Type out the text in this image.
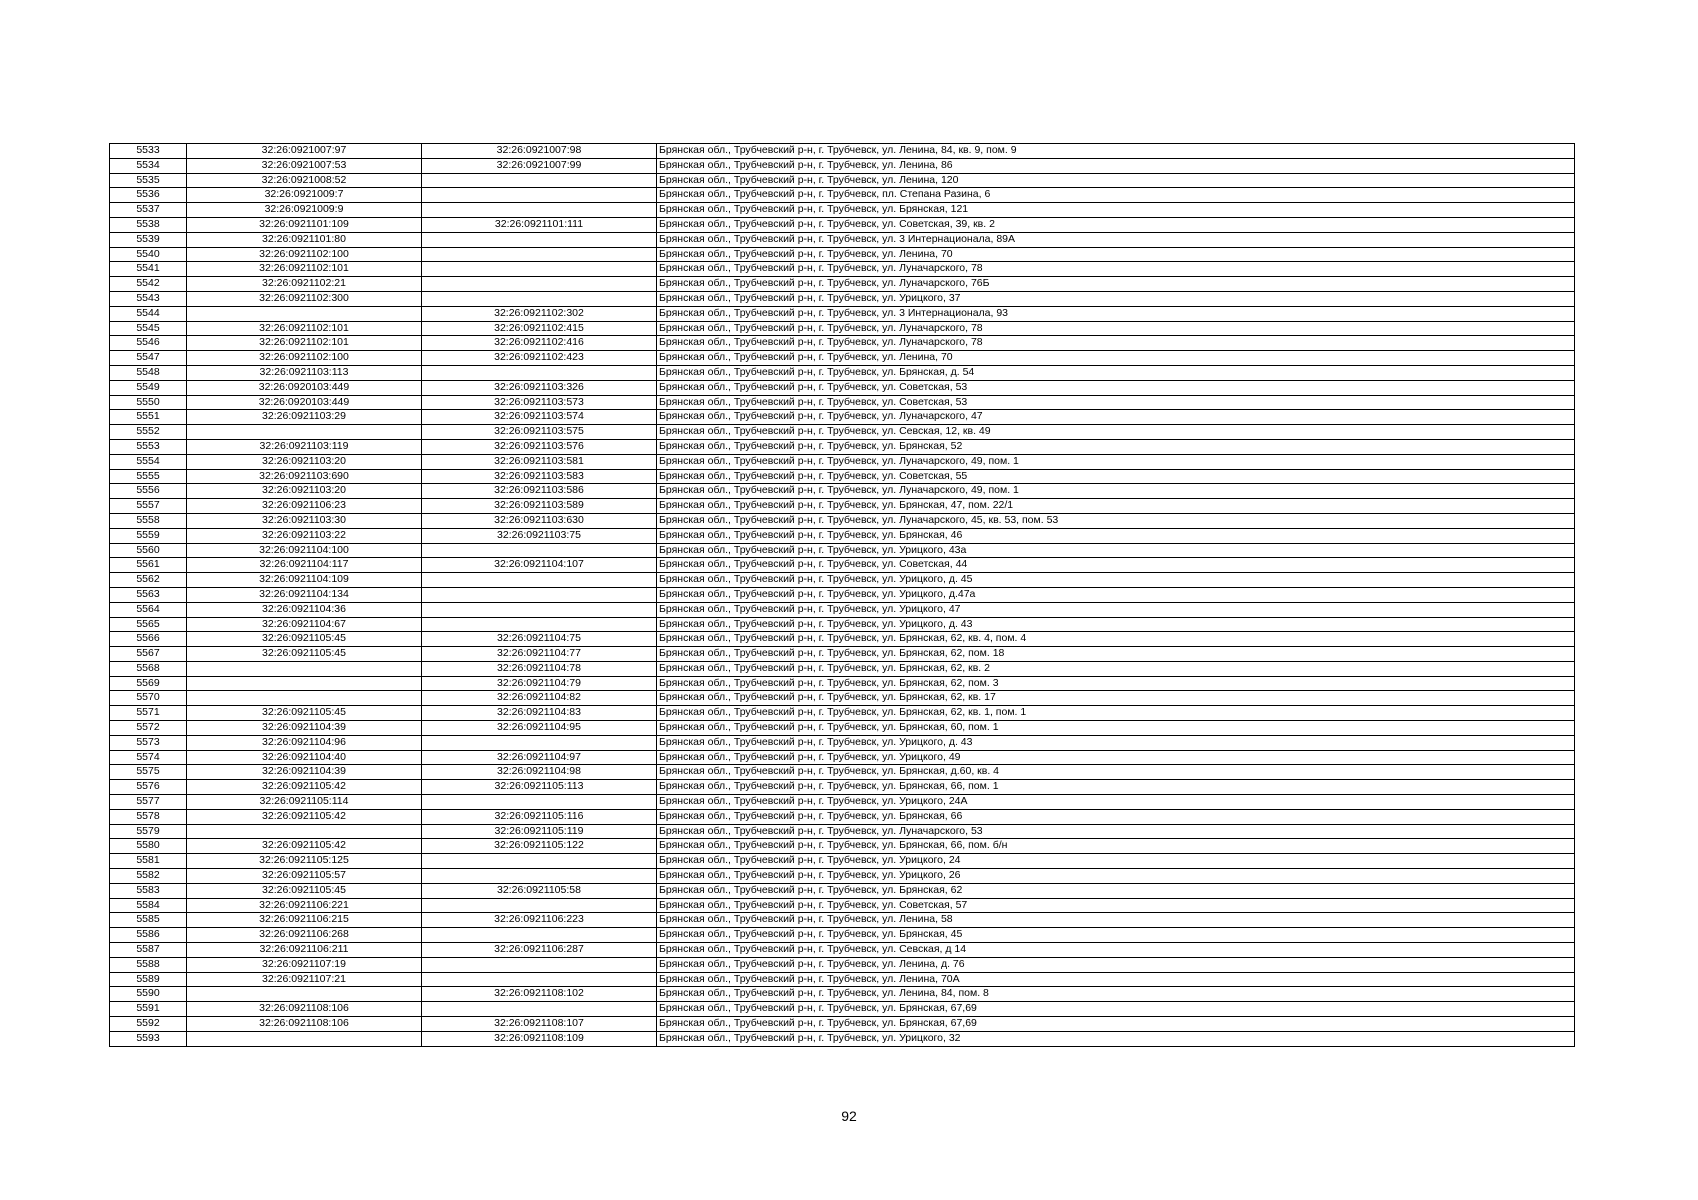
5533	32:26:0921007:97	32:26:0921007:98	Брянская обл., Трубчевский р-н, г. Трубчевск, ул. Ленина, 84, кв. 9, пом. 9
5534	32:26:0921007:53	32:26:0921007:99	Брянская обл., Трубчевский р-н, г. Трубчевск, ул. Ленина, 86
5535	32:26:0921008:52		Брянская обл., Трубчевский р-н, г. Трубчевск, ул. Ленина, 120
5536	32:26:0921009:7		Брянская обл., Трубчевский р-н, г. Трубчевск, пл. Степана Разина, 6
5537	32:26:0921009:9		Брянская обл., Трубчевский р-н, г. Трубчевск, ул. Брянская, 121
5538	32:26:0921101:109	32:26:0921101:111	Брянская обл., Трубчевский р-н, г. Трубчевск, ул. Советская, 39, кв. 2
5539	32:26:0921101:80		Брянская обл., Трубчевский р-н, г. Трубчевск, ул. 3 Интернационала, 89А
5540	32:26:0921102:100		Брянская обл., Трубчевский р-н, г. Трубчевск, ул. Ленина, 70
5541	32:26:0921102:101		Брянская обл., Трубчевский р-н, г. Трубчевск, ул. Луначарского, 78
5542	32:26:0921102:21		Брянская обл., Трубчевский р-н, г. Трубчевск, ул. Луначарского, 76Б
5543	32:26:0921102:300		Брянская обл., Трубчевский р-н, г. Трубчевск, ул. Урицкого, 37
5544		32:26:0921102:302	Брянская обл., Трубчевский р-н, г. Трубчевск, ул. 3 Интернационала, 93
5545	32:26:0921102:101	32:26:0921102:415	Брянская обл., Трубчевский р-н, г. Трубчевск, ул. Луначарского, 78
5546	32:26:0921102:101	32:26:0921102:416	Брянская обл., Трубчевский р-н, г. Трубчевск, ул. Луначарского, 78
5547	32:26:0921102:100	32:26:0921102:423	Брянская обл., Трубчевский р-н, г. Трубчевск, ул. Ленина, 70
5548	32:26:0921103:113		Брянская обл., Трубчевский р-н, г. Трубчевск, ул. Брянская, д. 54
5549	32:26:0920103:449	32:26:0921103:326	Брянская обл., Трубчевский р-н, г. Трубчевск, ул. Советская, 53
5550	32:26:0920103:449	32:26:0921103:573	Брянская обл., Трубчевский р-н, г. Трубчевск, ул. Советская, 53
5551	32:26:0921103:29	32:26:0921103:574	Брянская обл., Трубчевский р-н, г. Трубчевск, ул. Луначарского, 47
5552		32:26:0921103:575	Брянская обл., Трубчевский р-н, г. Трубчевск, ул. Севская, 12, кв. 49
5553	32:26:0921103:119	32:26:0921103:576	Брянская обл., Трубчевский р-н, г. Трубчевск, ул. Брянская, 52
5554	32:26:0921103:20	32:26:0921103:581	Брянская обл., Трубчевский р-н, г. Трубчевск, ул. Луначарского, 49, пом. 1
5555	32:26:0921103:690	32:26:0921103:583	Брянская обл., Трубчевский р-н, г. Трубчевск, ул. Советская, 55
5556	32:26:0921103:20	32:26:0921103:586	Брянская обл., Трубчевский р-н, г. Трубчевск, ул. Луначарского, 49, пом. 1
5557	32:26:0921106:23	32:26:0921103:589	Брянская обл., Трубчевский р-н, г. Трубчевск, ул. Брянская, 47, пом. 22/1
5558	32:26:0921103:30	32:26:0921103:630	Брянская обл., Трубчевский р-н, г. Трубчевск, ул. Луначарского, 45, кв. 53, пом. 53
5559	32:26:0921103:22	32:26:0921103:75	Брянская обл., Трубчевский р-н, г. Трубчевск, ул. Брянская, 46
5560	32:26:0921104:100		Брянская обл., Трубчевский р-н, г. Трубчевск, ул. Урицкого, 43а
5561	32:26:0921104:117	32:26:0921104:107	Брянская обл., Трубчевский р-н, г. Трубчевск, ул. Советская, 44
5562	32:26:0921104:109		Брянская обл., Трубчевский р-н, г. Трубчевск, ул. Урицкого, д. 45
5563	32:26:0921104:134		Брянская обл., Трубчевский р-н, г. Трубчевск, ул. Урицкого, д.47а
5564	32:26:0921104:36		Брянская обл., Трубчевский р-н, г. Трубчевск, ул. Урицкого, 47
5565	32:26:0921104:67		Брянская обл., Трубчевский р-н, г. Трубчевск, ул. Урицкого, д. 43
5566	32:26:0921105:45	32:26:0921104:75	Брянская обл., Трубчевский р-н, г. Трубчевск, ул. Брянская, 62, кв. 4, пом. 4
5567	32:26:0921105:45	32:26:0921104:77	Брянская обл., Трубчевский р-н, г. Трубчевск, ул. Брянская, 62, пом. 18
5568		32:26:0921104:78	Брянская обл., Трубчевский р-н, г. Трубчевск, ул. Брянская, 62, кв. 2
5569		32:26:0921104:79	Брянская обл., Трубчевский р-н, г. Трубчевск, ул. Брянская, 62, пом. 3
5570		32:26:0921104:82	Брянская обл., Трубчевский р-н, г. Трубчевск, ул. Брянская, 62, кв. 17
5571	32:26:0921105:45	32:26:0921104:83	Брянская обл., Трубчевский р-н, г. Трубчевск, ул. Брянская, 62, кв. 1, пом. 1
5572	32:26:0921104:39	32:26:0921104:95	Брянская обл., Трубчевский р-н, г. Трубчевск, ул. Брянская, 60, пом. 1
5573	32:26:0921104:96		Брянская обл., Трубчевский р-н, г. Трубчевск, ул. Урицкого, д. 43
5574	32:26:0921104:40	32:26:0921104:97	Брянская обл., Трубчевский р-н, г. Трубчевск, ул. Урицкого, 49
5575	32:26:0921104:39	32:26:0921104:98	Брянская обл., Трубчевский р-н, г. Трубчевск, ул. Брянская, д.60, кв. 4
5576	32:26:0921105:42	32:26:0921105:113	Брянская обл., Трубчевский р-н, г. Трубчевск, ул. Брянская, 66, пом. 1
5577	32:26:0921105:114		Брянская обл., Трубчевский р-н, г. Трубчевск, ул. Урицкого, 24А
5578	32:26:0921105:42	32:26:0921105:116	Брянская обл., Трубчевский р-н, г. Трубчевск, ул. Брянская, 66
5579		32:26:0921105:119	Брянская обл., Трубчевский р-н, г. Трубчевск, ул. Луначарского, 53
5580	32:26:0921105:42	32:26:0921105:122	Брянская обл., Трубчевский р-н, г. Трубчевск, ул. Брянская, 66, пом. б/н
5581	32:26:0921105:125		Брянская обл., Трубчевский р-н, г. Трубчевск, ул. Урицкого, 24
5582	32:26:0921105:57		Брянская обл., Трубчевский р-н, г. Трубчевск, ул. Урицкого, 26
5583	32:26:0921105:45	32:26:0921105:58	Брянская обл., Трубчевский р-н, г. Трубчевск, ул. Брянская, 62
5584	32:26:0921106:221		Брянская обл., Трубчевский р-н, г. Трубчевск, ул. Советская, 57
5585	32:26:0921106:215	32:26:0921106:223	Брянская обл., Трубчевский р-н, г. Трубчевск, ул. Ленина, 58
5586	32:26:0921106:268		Брянская обл., Трубчевский р-н, г. Трубчевск, ул. Брянская, 45
5587	32:26:0921106:211	32:26:0921106:287	Брянская обл., Трубчевский р-н, г. Трубчевск, ул. Севская, д 14
5588	32:26:0921107:19		Брянская обл., Трубчевский р-н, г. Трубчевск, ул. Ленина, д. 76
5589	32:26:0921107:21		Брянская обл., Трубчевский р-н, г. Трубчевск, ул. Ленина, 70А
5590		32:26:0921108:102	Брянская обл., Трубчевский р-н, г. Трубчевск, ул. Ленина, 84, пом. 8
5591	32:26:0921108:106		Брянская обл., Трубчевский р-н, г. Трубчевск, ул. Брянская, 67,69
5592	32:26:0921108:106	32:26:0921108:107	Брянская обл., Трубчевский р-н, г. Трубчевск, ул. Брянская, 67,69
5593		32:26:0921108:109	Брянская обл., Трубчевский р-н, г. Трубчевск, ул. Урицкого, 32
92
